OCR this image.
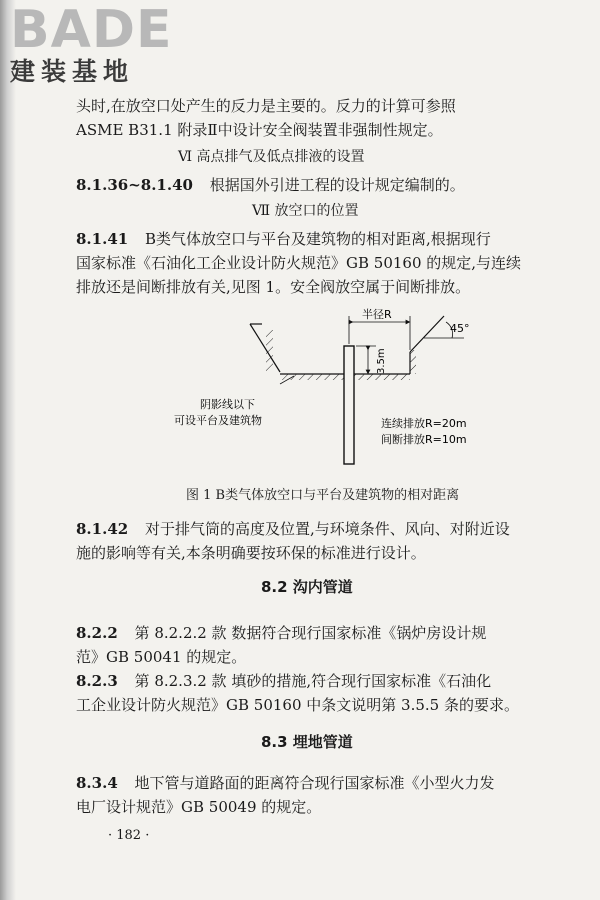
BADE
建装基地
头时,在放空口处产生的反力是主要的。反力的计算可参照
ASME B31.1 附录Ⅱ中设计安全阀装置非强制性规定。
Ⅵ 高点排气及低点排液的设置
8.1.36~8.1.40 根据国外引进工程的设计规定编制的。
Ⅶ 放空口的位置
8.1.41 B类气体放空口与平台及建筑物的相对距离,根据现行
国家标准《石油化工企业设计防火规范》GB 50160 的规定,与连续
排放还是间断排放有关,见图 1。安全阀放空属于间断排放。
半径R
45°
3.5m
阴影线以下
可设平台及建筑物	连续排放R=20m
间断排放R=10m
图 1 B类气体放空口与平台及建筑物的相对距离
8.1.42 对于排气筒的高度及位置,与环境条件、风向、对附近设
施的影响等有关,本条明确要按环保的标准进行设计。
8.2 沟内管道
8.2.2 第 8.2.2.2 款 数据符合现行国家标准《锅炉房设计规
范》GB 50041 的规定。
8.2.3 第 8.2.3.2 款 填砂的措施,符合现行国家标准《石油化
工企业设计防火规范》GB 50160 中条文说明第 3.5.5 条的要求。
8.3 埋地管道
8.3.4 地下管与道路面的距离符合现行国家标准《小型火力发
电厂设计规范》GB 50049 的规定。
· 182 ·
